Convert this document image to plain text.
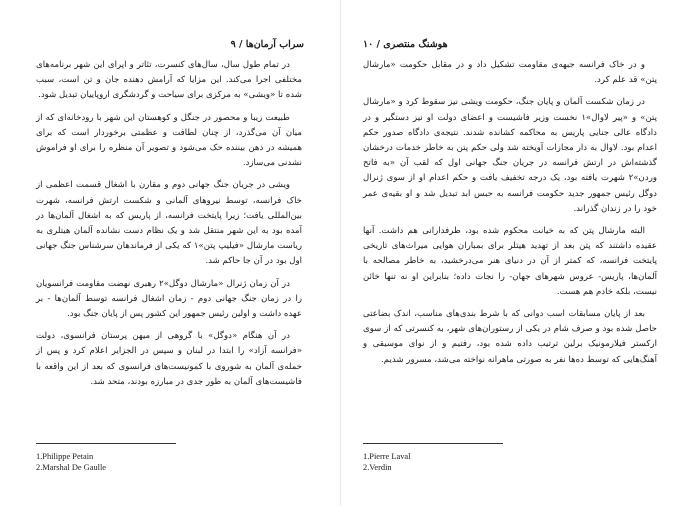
سراب آرمان‌ها / ۹

در تمام طول سال، سال‌های کنسرت، تئاتر و اپرای این شهر برنامه‌های مختلفی اجرا می‌کند. این مزایا که آرامش دهنده جان و تن است، سبب شده تا «ویشی» به مرکزی برای سیاحت و گردشگری اروپاییان تبدیل شود.

طبیعت زیبا و محصور در جنگل و کوهستان این شهر با رودخانه‌ای که از میان آن می‌گذرد، از چنان لطافت و عظمتی برخوردار است که برای همیشه در ذهن بیننده حک می‌شود و تصویر آن منظره را برای او فراموش نشدنی می‌سازد.

ویشی در جریان جنگ جهانی دوم و مقارن با اشغال قسمت اعظمی از خاک فرانسه، توسط نیروهای آلمانی و شکست ارتش فرانسه، شهرت بین‌المللی یافت؛ زیرا پایتخت فرانسه، از پاریس که به اشغال آلمان‌ها در آمده بود به این شهر منتقل شد و یک نظام دست نشانده آلمان هیتلری به ریاست مارشال «فیلیپ پتن»۱ که یکی از فرماندهان سرشناس جنگ جهانی اول بود در آن جا حاکم شد.

در آن زمان ژنرال «مارشال دوگل»۲ رهبری نهضت مقاومت فرانسویان را در زمان جنگ جهانی دوم - زمان اشغال فرانسه توسط آلمان‌ها - بر عهده داشت و اولین رئیس جمهور این کشور پس از پایان جنگ بود.

در آن هنگام «دوگل» با گروهی از میهن پرستان فرانسوی، دولت «فرانسه آزاد» را ابتدا در لبنان و سپس در الجزایر اعلام کرد و پس از حمله‌ی آلمان به شوروی با کمونیست‌های فرانسوی که بعد از این واقعه با فاشیست‌های آلمان به طور جدی در مبارزه بودند، متحد شد.

1.Philippe Petain
2.Marshal De Gaulle
۱۰ / هوشنگ منتصری

و در خاک فرانسه جبهه‌ی مقاومت تشکیل داد و در مقابل حکومت «مارشال پتن» قد علم کرد.

در زمان شکست آلمان و پایان جنگ، حکومت ویشی نیز سقوط کرد و «مارشال پتن» و «پیر لاوال»۱ نخست وزیر فاشیست و اعضای دولت او نیز دستگیر و در دادگاه عالی جنایی پاریس به محاکمه کشانده شدند. نتیجه‌ی دادگاه صدور حکم اعدام بود. لاوال به دار مجازات آویخته شد ولی حکم پتن به خاطر خدمات درخشان گذشته‌اش در ارتش فرانسه در جریان جنگ جهانی اول که لقب آن «به فاتح وردن»۲ شهرت یافته بود، یک درجه تخفیف یافت و حکم اعدام او از سوی ژنرال دوگل رئیس جمهور جدید حکومت فرانسه به حبس ابد تبدیل شد و او بقیه‌ی عمر خود را در زندان گذراند.

البته مارشال پتن که به خیانت محکوم شده بود، طرفدارانی هم داشت. آنها عقیده داشتند که پتن بعد از تهدید هیتلر برای بمباران هوایی میراث‌های تاریخی پایتخت فرانسه، که کمتر از آن در دنیای هنر می‌درخشید، به خاطر مصالحه با آلمان‌ها، پاریس- عروس شهرهای جهان- را نجات داده؛ بنابراین او نه تنها خائن نیست، بلکه خادم هم هست.

بعد از پایان مسابقات اسب دوانی که با شرط بندی‌های مناسب، اندک بضاعتی حاصل شده بود و صرف شام در یکی از رستوران‌های شهر، به کنسرتی که از سوی ارکستر فیلارمونیک برلین ترتیب داده شده بود، رفتیم و از نوای موسیقی و آهنگ‌هایی که توسط ده‌ها نفر به صورتی ماهرانه نواخته می‌شد، مسرور شدیم.

1.Pierre Laval
2.Verdin
